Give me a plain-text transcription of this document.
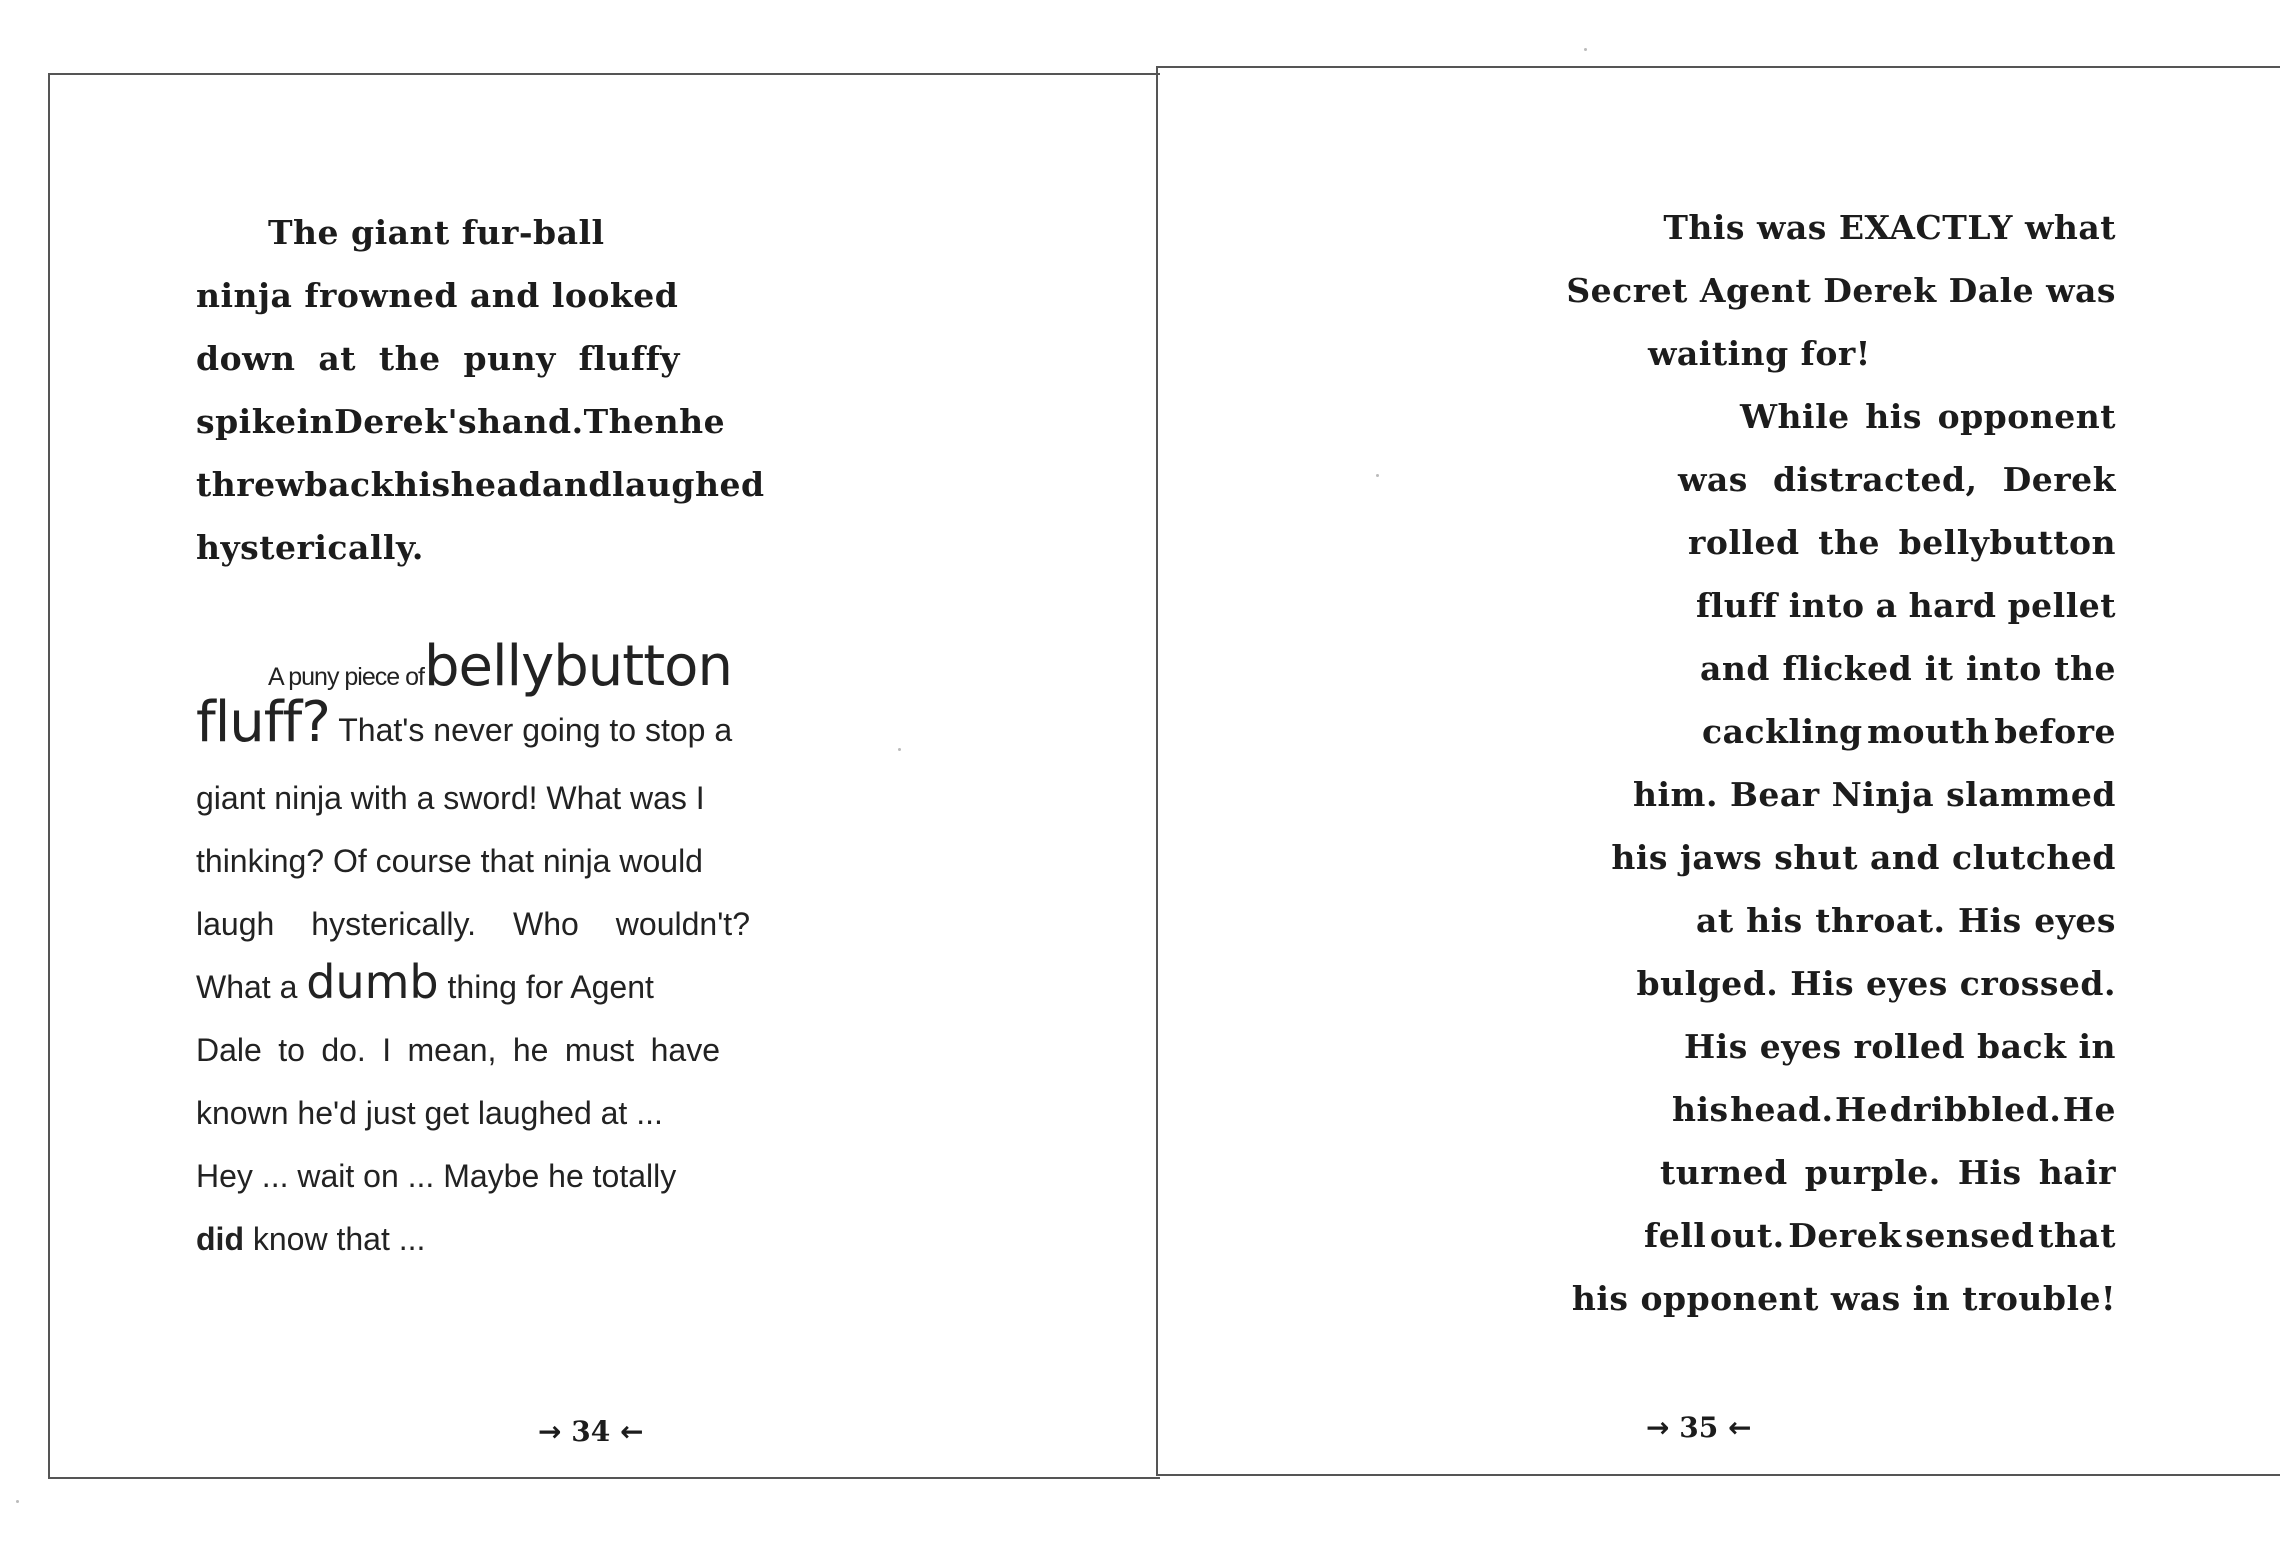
The giant fur-ball
ninja frowned and looked
down at the puny fluffy
spike in Derek's hand. Then he
threw back his head and laughed
hysterically.
A puny piece ofbellybutton
fluff? That's never going to stop a
giant ninja with a sword! What was I
thinking? Of course that ninja would
laugh hysterically. Who wouldn't?
What a dumb thing for Agent
Dale to do. I mean, he must have
known he'd just get laughed at ...
Hey ... wait on ... Maybe he totally
did know that ...
→ 34 ←
This was EXACTLY what
Secret Agent Derek Dale was
waiting for!
While his opponent
was distracted, Derek
rolled the bellybutton
fluff into a hard pellet
and flicked it into the
cackling mouth before
him. Bear Ninja slammed
his jaws shut and clutched
at his throat. His eyes
bulged. His eyes crossed.
His eyes rolled back in
his head. He dribbled. He
turned purple. His hair
fell out. Derek sensed that
his opponent was in trouble!
→ 35 ←
